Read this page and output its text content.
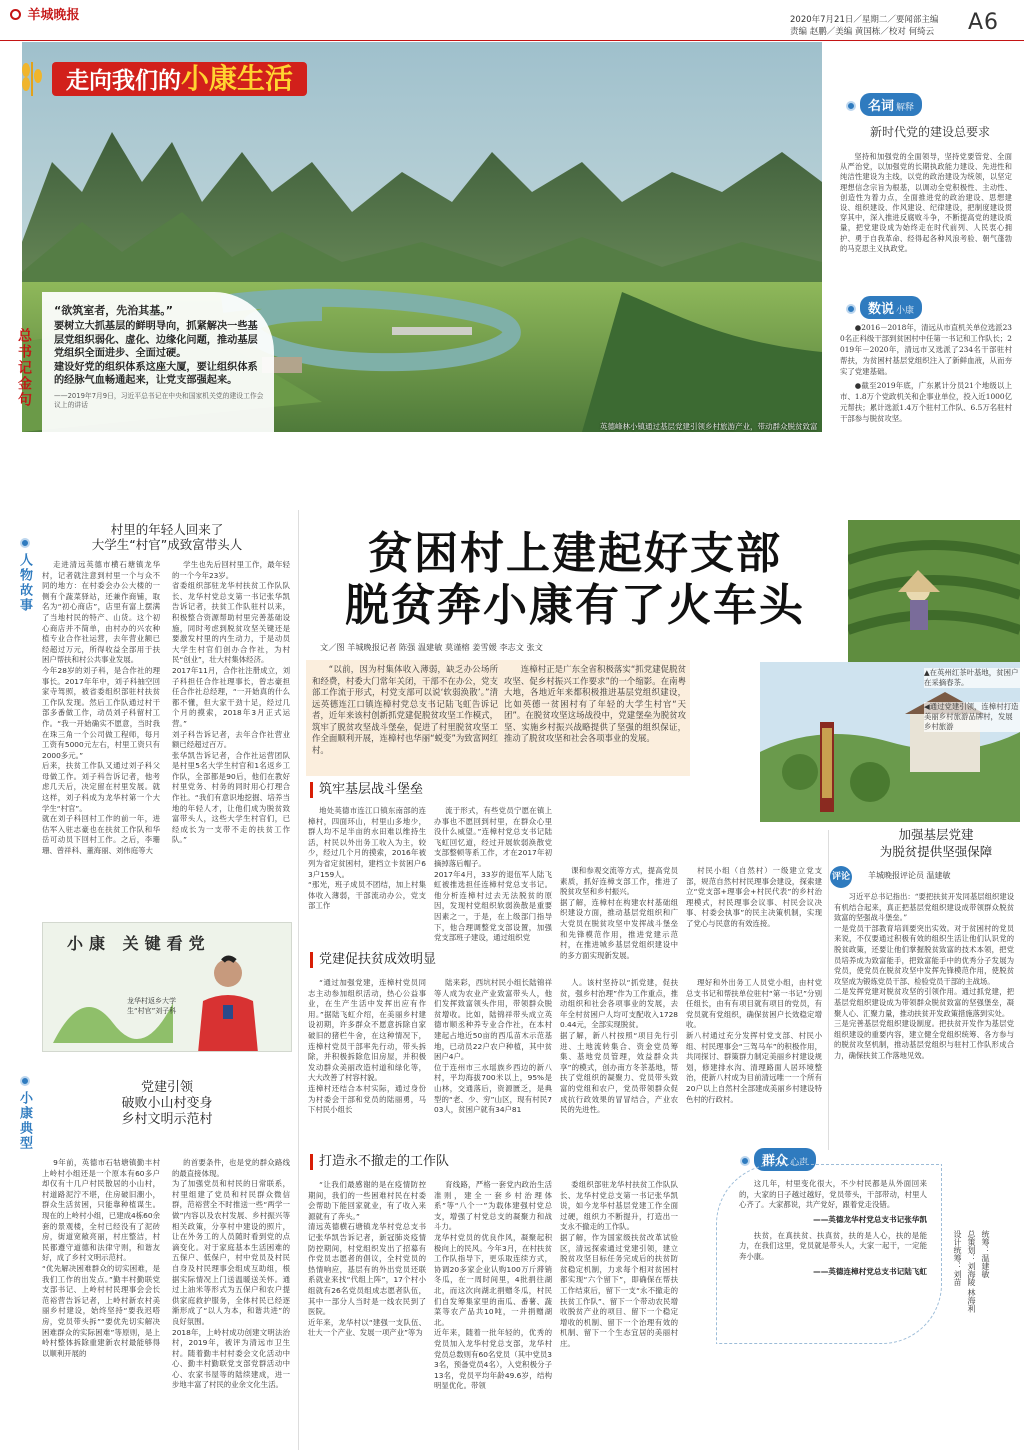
羊城晚报	2020年7月21日／星期二／要闻部主编
责编 赵鹏／美编 黄国栋／校对 何绮云 A6
英德峰林小镇通过基层党建引领乡村旅游产业，带动群众脱贫致富
走向我们的小康生活
总书记金句
“欲筑室者，先治其基。”
要树立大抓基层的鲜明导向，抓紧解决一些基层党组织弱化、虚化、边缘化问题，推动基层党组织全面进步、全面过硬。
建设好党的组织体系这座大厦，要让组织体系的经脉气血畅通起来，让党支部强起来。
——2019年7月9日，习近平总书记在中央和国家机关党的建设工作会议上的讲话
名词 解释
新时代党的建设总要求
坚持和加强党的全面领导，坚持党要管党、全面从严治党，以加强党的长期执政能力建设、先进性和纯洁性建设为主线，以党的政治建设为统领，以坚定理想信念宗旨为根基，以调动全党积极性、主动性、创造性为着力点，全面推进党的政治建设、思想建设、组织建设、作风建设、纪律建设，把制度建设贯穿其中，深入推进反腐败斗争，不断提高党的建设质量，把党建设成为始终走在时代前列、人民衷心拥护、勇于自我革命、经得起各种风浪考验、朝气蓬勃的马克思主义执政党。
数说 小康

●2016－2018年，清远从市直机关单位选派230名正科级干部到贫困村中任第一书记和工作队长；2019年－2020年，清远市又选派了234名干部驻村帮扶，为贫困村基层党组织注入了新鲜血液，从而夯实了党建基础。

●截至2019年底，广东累计分员21个地级以上市、1.8万个党政机关和企事业单位，投入近1000亿元帮扶；累计选派1.4万个驻村工作队、6.5万名驻村干部参与脱贫攻坚。

贫困村上建起好支部
脱贫奔小康有了火车头
文／图 羊城晚报记者 陈强 温建敏 莫谨榕 姜雪媛 李志文 张文
人物故事
村里的年轻人回来了
大学生“村官”成致富带头人
走进清远英德市横石塘镇龙华村，记者就注意到村里一个与众不同的地方：在村委会办公大楼的一侧有个蔬菜驿站，还兼作商铺，取名为“初心商店”，店里有富上摆满了当地村民的特产、山货。这个初心商店并不简单，由村办的兴农种植专业合作社运营，去年营业额已经超过万元，所得收益全部用于扶困户帮扶和村公共事业发展。
今年28岁的刘子科，是合作社的理事长。2017年年中，刘子科抽空回家寺驾照，被省委组织部驻村扶贫工作队发现。然后工作队通过村干部多番做工作，动员刘子科留村工作。“我一开始确实不愿意，当时我在珠三角一个公司做工程师，每月工资有5000元左右，村里工资只有2000多元。”
后来，扶贫工作队又通过刘子科父母做工作。刘子科告诉记者，他考虑几天后，决定留在村里发展。就这样，刘子科成为龙华村第一个大学生“村官”。
就在刘子科回村工作的前一年，进估军入驻志豪也在扶贫工作队和华岳可动员下回村工作。之后，李珊珊、曾祥科、董海丽、刘伟庭等大
学生也先后回村里工作，最年轻的一个今年23岁。
省委组织部驻龙华村扶贫工作队队长、龙华村党总支第一书记张华凯告诉记者，扶贫工作队驻村以来，积极整合资源帮助村里完善基础设施，同时考虑到脱贫攻坚关键还是要激发村里的内生动力，于是动员大学生村官们创办合作社，为村民“创业”，壮大村集体经济。
2017年11月，合作社注册成立，刘子科担任合作社理事长，曾志豪担任合作社总经理，“一开始真的什么都不懂，但大家干劲十足，经过几个月的摸索，2018年3月正式运营。”
刘子科告诉记者，去年合作社营业额已经超过百万。
张华凯告诉记者，合作社运营团队是村里5名大学生村官和1名返乡工作队，全部都是90后，他们在教好村里党务、村务的同时用心打理合作社。“我们有意识地挖掘、培养当地的年轻人才，让他们成为脱贫致富带头人，这些大学生村官们，已经成长为一支带不走的扶贫工作队。”
小康 关键看党
龙华村返乡大学生“村官”刘子科
小康典型
党建引领
破败小山村变身
乡村文明示范村
9年前，英德市石牯塘镇勤丰村上岭村小组还是一个原本有60多户却仅有十几户村民散居的小山村，村道路泥泞不堪，住房破旧潮小，群众生活贫困，只能靠种植谋生。现在的上岭村小组，已建成4栋60余套的景观楼，全村已经没有了泥砖房，街道宽敞亮丽，村庄整洁，村民都遵守道德和法律守则，和谐友好，成了乡村文明示范村。
“优先解决困难群众的切实困难，是我们工作的出发点。”勤丰村勤联党支部书记、上岭村村民理事会会长范裕营告诉记者，上岭村新农村美丽乡村建设，始终坚持“要我迟嗒房，党员带头拆”“要优先切实解决困难群众的实际困难”等原则，是上岭村整体拆除重建新农村最能够得以顺利开展的
的首要条件，也是党的群众路线的最直接体现。
为了加强党员和村民的日常联系，村里组建了党员和村民群众微信群，范裕营全不时推送一些“两学一做”内容以及农村发展、乡村振兴等相关政策，分享村中建设的照片，让在外务工的人员随时看到党的点滴变化。对于家庭基本生活困难的五保户、低保户，村中党员及村民自身及村民理事会组成互助组，根据实际情况上门送温暖送关怀。通过上油米等形式为五保户和农户提供家庭救护服务，全体村民已经逐渐形成了“以人为本，和谐共进”的良好氛围。
2018年，上岭村成功创建文明法治村，2019年，被评为清远市卫生村。随着勤丰村村委会文化活动中心、勤丰村勤联党支部党群活动中心、农家书屋等的陆续建成，进一步地丰富了村民的业余文化生活。
“以前，因为村集体收入薄弱，缺乏办公场所和经费，村委大门常年关闭，干部不在办公，党支部工作流于形式，村党支部可以说‘软弱涣散’。”清远英德连江口镇连樟村党总支书记陆飞虹告诉记者，近年来该村创新抓党建促脱贫攻坚工作模式，筑牢了脱贫攻坚战斗堡垒，促进了村里脱贫攻坚工作全面顺利开展，连樟村也华丽“蜕变”为致富网红村。
连樟村正是广东全省积极落实“抓党建促脱贫攻坚、促乡村振兴工作要求”的一个缩影。在南粤大地，各地近年来都积极推进基层党组织建设，比如英德一贫困村有了年轻的大学生村官“天团”。在脱贫攻坚这场战役中，党建堡垒为脱贫攻坚、实施乡村振兴战略提供了坚强的组织保证，推动了脱贫攻坚和社会各项事业的发展。
筑牢基层战斗堡垒
地处英德市连江口镇东南部的连樟村，四面环山，村里山多地少，群人均不足半亩的水田难以维持生活，村民以外出务工收入为主，较少，经过几个月的摸索，2016年被列为省定贫困村，建档立卡贫困户63户159人。
“那光，班子成员不团结，加上村集体收入薄弱，干部流动办公，党支部工作
流于形式，有些党员宁愿在镇上办事也不愿回到村里，在群众心里没什么威望。”连樟村党总支书记陆飞虹回忆道，经过开展软弱涣散党支部整顿等系工作，才在2017年初摘掉落后帽子。
2017年4月，33岁的退伍军人陆飞虹被推选担任连樟村党总支书记。他分析连樟村过去无法脱贫的原因，发现村党组织软弱涣散是重要因素之一，于是，在上级部门指导下，他合理调整党支部设置，加强党支部班子建设，通过组织党
课和参观交流等方式，提高党员素质，抓好连樟支部工作，推进了脱贫攻坚和乡村振兴。
据了解，连樟村在构建农村基础组织建设方面，推动基层党组织和广大党员在脱贫攻坚中发挥战斗堡垒和先锋模范作用，推进党建示范村，在推进城乡基层党组织建设中的多方面实现新发展。
村民小组（自然村）一级建立党支部，规范自然村村民理事会建设，探索建立“党支部+理事会+村民代表”的乡村治理模式，村民理事会议事、村民会议决事、村委会执事”的民主决策机制，实现了党心与民意的有效连接。
党建促扶贫成效明显
“通过加强党建，连樟村党员同志主动参加组织活动，热心公益事业，在生产生活中发挥出应有作用。”据陆飞虹介绍，在美丽乡村建设初期，许多群众不愿意拆除自家破旧的猪栏牛舍，在这种情况下，连樟村党员干部率先行动，带头拆除，并积极拆除危旧房屋，并积极发动群众美丽改造村道和绿化等，大大改善了村容村貌。
连樟村还结合本村实际，通过身份为村委会干部和党员的陆丽勇，马下村民小组长
陆来彩，西坑村民小组长陆锦祥等人成为农业产业致富带头人，他们发挥致富领头作用，带领群众脱贫增收。比如，陆锦祥带头成立英德市顺丞种养专业合作社，在本村建起占地近50亩的西瓜苗木示范基地，已动员22户农户种植，其中贫困户4户。
位于连州市三水瑶族乡西边的新八村，平均海拔700米以上，95%是山林，交通落后，资源匮乏，是典型的“老、少、穷”山区，现有村民703人，贫困户就有34户81
人。该村坚持以“抓党建，促扶贫，强乡村治理”作为工作重点，推动组织和社会各项事业的发展，去年全村贫困户人均可支配收入17280.44元，全部实现脱贫。
据了解，新八村按照“项目先行引进、土地流转集合、资金党员筹集、基地党员管理，效益群众共享”的模式，创办南方冬茶基地，帮扶了党组织的凝聚力、党员带头致富的党组和农户，党员带领群众促成抗行政效果的冒冒结合，产业农民的先进性。
理好和外出务工人员党小组，由村党总支书记和帮扶单位驻村“第一书记”分别任组长，由有有项目就有项目的党员，有党员就有党组织，确保贫困户长效稳定增收。
新八村通过充分发挥村党支部、村民小组、村民理事会“三驾马车”的积极作用，共同探讨、群策群力制定美丽乡村建设规划，修建排水沟、清理路面人居环境整治，使新八村成为目前清远唯一一个所有20户以上自然村全部建成美丽乡村建设特色村的行政村。
打造永不撤走的工作队
“让我们最感谢的是在疫情防控期间，我们的一些困难村民在村委会帮助下能回家就业，有了收入来源就有了奔头。”
清远英德横石塘镇龙华村党总支书记张华凯告诉记者，新冠肺炎疫情防控期间，村党组织发出了招募有作党员志愿者的倡议，全村党员的热情响应，基层有的外出党员还联系就业来找“代组上阵”，17个村小组就有26名党员组成志愿者队伍，其中一部分人当时是一线农民到了医院。
近年来，龙华村以“建强一支队伍、壮大一个产业、发展一项产业”等为
育线路，严格一套党内政治生活准则，建全一套乡村治理体系”等“八个一”为载体建强村党总支，增强了村党总支的凝聚力和战斗力。
龙华村党员的优良作风，凝聚起积极向上的民风。今年3月，在村扶贫工作队指导下，更乐取连续方式，协调20多家企业认购100万斤滞销冬瓜，在一周时间里，4批捐往湖北，而这次向湖北捐赠冬瓜，村民们自发筹集家里的南瓜、番薯、蔬菜等农产品共10吨，一并捐赠湖北。
近年来，随着一批年轻的，优秀的党员加入龙华村党总支部，龙华村党员总数则有60名党员（其中党员33名，预备党员4名），入党积极分子13名，党员平均年龄49.6岁，结构明显优化。带领
委组织部驻龙华村扶贫工作队队长、龙华村党总支第一书记张华凯说，如今龙华村基层党建工作全面过硬，组织力不断提升，打造出一支永不撤走的工作队。
据了解，作为国家级扶贫改革试验区，清远探索通过党建引领，建立脱贫攻坚目标任务完成后的扶贫防贫稳定机制，力求每个相对贫困村都实现“六个留下”，即确保在帮扶工作结束后，留下一支“永不撤走的扶贫工作队”、留下一个带动农民增收脱贫产业的项目、留下一个稳定增收的机制、留下一个治理有效的机制、留下一个生态宜居的美丽村庄。
▲在英州红茶叶基地，贫困户在采摘春茶。
◀通过党建引领，连樟村打造美丽乡村旅游品牌村，发展乡村旅游
评论
加强基层党建
为脱贫提供坚强保障
羊城晚报评论员 温建敏
习近平总书记指出：“要把扶贫开发同基层组织建设有机结合起来，真正把基层党组织建设成带领群众脱贫致富的坚强战斗堡垒。”
一是党员干部教育培训要突出实效。对于贫困村的党员来说，不仅要通过积极有效的组织生活让他们认识党的脱贫政策，还要让他们掌握脱贫致富的技术本领，把党员培养成为致富能手，把致富能手中的优秀分子发展为党员，使党员在脱贫攻坚中发挥先锋模范作用，使脱贫攻坚成为锻炼党员干部、检验党员干部的主战场。
二是发挥党建对脱贫攻坚的引领作用。通过抓党建，把基层党组织建设成为带领群众脱贫致富的坚强堡垒，凝聚人心、汇聚力量，推动扶贫开发政策措施落到实处。
三是完善基层党组织建设制度。把扶贫开发作为基层党组织建设的重要内容，建立健全党组织统筹、各方参与的脱贫攻坚机制，推动基层党组织与驻村工作队形成合力，确保扶贫工作落地见效。
群众 心声
这几年，村里变化很大，不少村民都是从外面回来的，大家的日子越过越好，党员带头，干部带动，村里人心齐了。大家都说，共产党好，跟着党走没错。
——英德龙华村党总支书记张华凯
扶贫，在真扶贫、扶真贫，扶的是人心，扶的是能力，在我们这里，党员就是带头人，大家一起干，一定能奔小康。
——英德连樟村党总支书记陆飞虹	统筹：温建敏
总策划：刘海陵 林海利
设计统筹：刘苗
